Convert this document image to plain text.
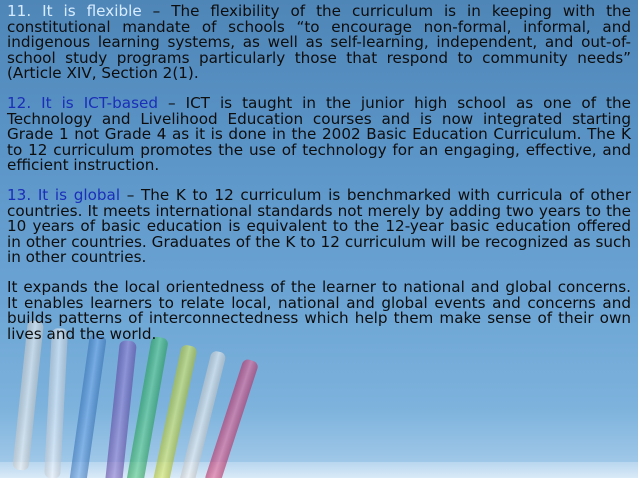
11. It is flexible – The flexibility of the curriculum is in keeping with the constitutional mandate of schools “to encourage non-formal, informal, and indigenous learning systems, as well as self-learning, independent, and out-of-school study programs particularly those that respond to community needs” (Article XIV, Section 2(1).

12. It is ICT-based – ICT is taught in the junior high school as one of the Technology and Livelihood Education courses and is now integrated starting Grade 1 not Grade 4 as it is done in the 2002 Basic Education Curriculum. The K to 12 curriculum promotes the use of technology for an engaging, effective, and efficient instruction.

13. It is global – The K to 12 curriculum is benchmarked with curricula of other countries. It meets international standards not merely by adding two years to the 10 years of basic education is equivalent to the 12-year basic education offered in other countries. Graduates of the K to 12 curriculum will be recognized as such in other countries.

It expands the local orientedness of the learner to national and global concerns. It enables learners to relate local, national and global events and concerns and builds patterns of interconnectedness which help them make sense of their own lives and the world.
